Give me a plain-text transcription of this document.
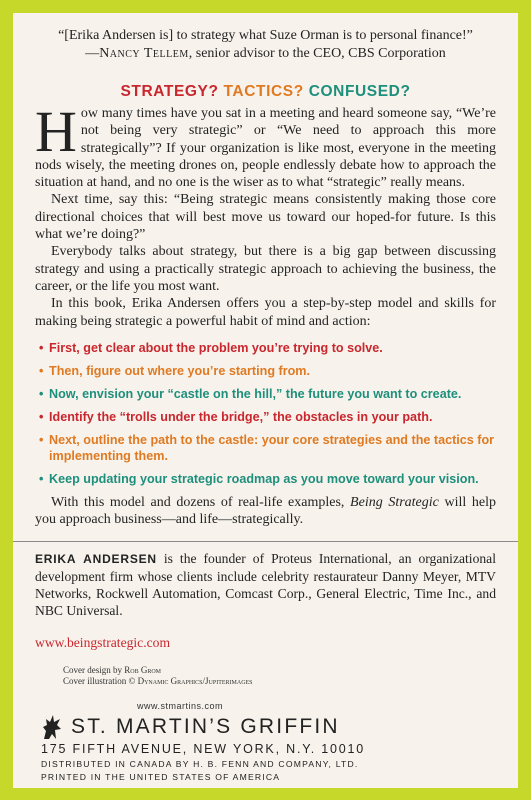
“[Erika Andersen is] to strategy what Suze Orman is to personal finance!”
—Nancy Tellem, senior advisor to the CEO, CBS Corporation
STRATEGY? TACTICS? CONFUSED?

How many times have you sat in a meeting and heard someone say, “We’re not being very strategic” or “We need to approach this more strategically”? If your organization is like most, everyone in the meeting nods wisely, the meeting drones on, people endlessly debate how to approach the situation at hand, and no one is the wiser as to what “strategic” really means.

Next time, say this: “Being strategic means consistently making those core directional choices that will best move us toward our hoped-for future. Is this what we’re doing?”

Everybody talks about strategy, but there is a big gap between discussing strategy and using a practically strategic approach to achieving the business, the career, or the life you most want.

In this book, Erika Andersen offers you a step-by-step model and skills for making being strategic a powerful habit of mind and action:

• First, get clear about the problem you’re trying to solve.
• Then, figure out where you’re starting from.
• Now, envision your “castle on the hill,” the future you want to create.
• Identify the “trolls under the bridge,” the obstacles in your path.
• Next, outline the path to the castle: your core strategies and the tactics for implementing them.
• Keep updating your strategic roadmap as you move toward your vision.

With this model and dozens of real-life examples, Being Strategic will help you approach business—and life—strategically.

ERIKA ANDERSEN is the founder of Proteus International, an organizational development firm whose clients include celebrity restaurateur Danny Meyer, MTV Networks, Rockwell Automation, Comcast Corp., General Electric, Time Inc., and NBC Universal.

www.beingstrategic.com
Cover design by Rob Grom
Cover illustration © Dynamic Graphics/Jupiterimages
www.stmartins.com
ST. MARTIN’S GRIFFIN
175 FIFTH AVENUE, NEW YORK, N.Y. 10010
DISTRIBUTED IN CANADA BY H. B. FENN AND COMPANY, LTD.
PRINTED IN THE UNITED STATES OF AMERICA
